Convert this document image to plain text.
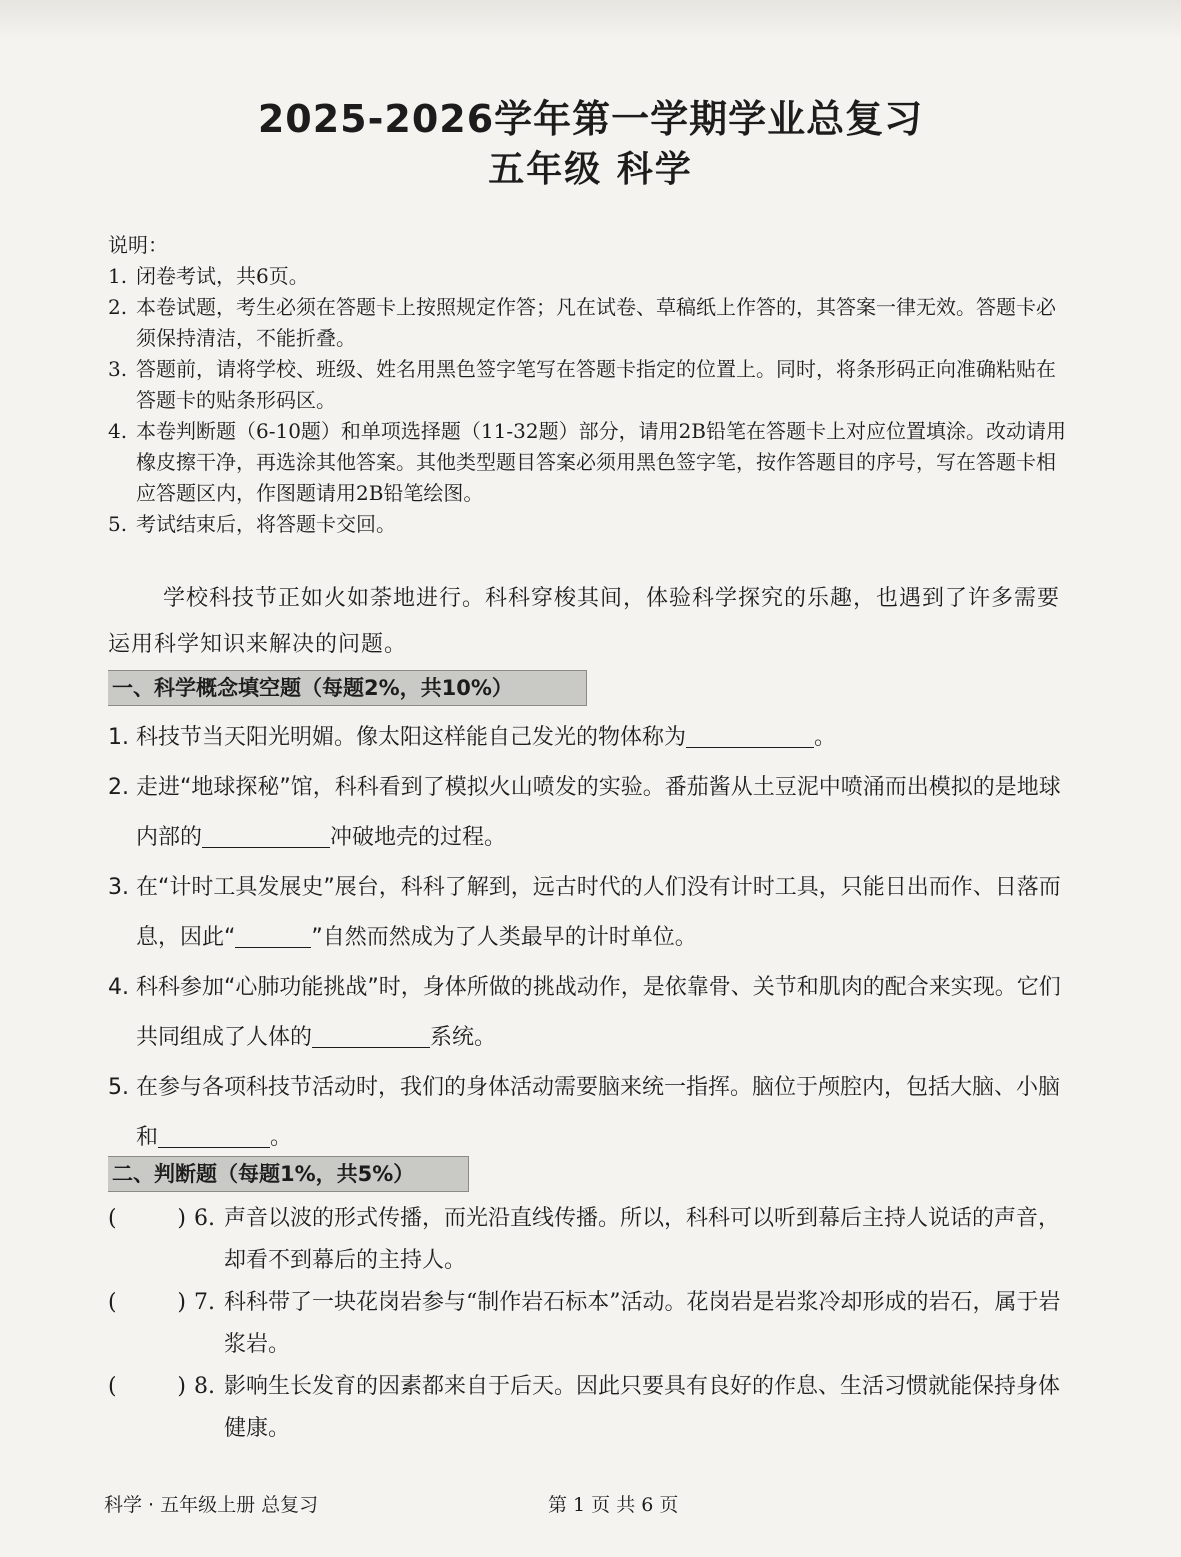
2025-2026学年第一学期学业总复习
五年级 科学
说明：
1. 闭卷考试，共6页。
2. 本卷试题，考生必须在答题卡上按照规定作答；凡在试卷、草稿纸上作答的，其答案一律无效。答题卡必须保持清洁，不能折叠。
3. 答题前，请将学校、班级、姓名用黑色签字笔写在答题卡指定的位置上。同时，将条形码正向准确粘贴在答题卡的贴条形码区。
4. 本卷判断题（6-10题）和单项选择题（11-32题）部分，请用2B铅笔在答题卡上对应位置填涂。改动请用橡皮擦干净，再选涂其他答案。其他类型题目答案必须用黑色签字笔，按作答题目的序号，写在答题卡相应答题区内，作图题请用2B铅笔绘图。
5. 考试结束后，将答题卡交回。
学校科技节正如火如荼地进行。科科穿梭其间，体验科学探究的乐趣，也遇到了许多需要运用科学知识来解决的问题。
一、科学概念填空题（每题2%，共10%）
1. 科技节当天阳光明媚。像太阳这样能自己发光的物体称为	。
2. 走进“地球探秘”馆，科科看到了模拟火山喷发的实验。番茄酱从土豆泥中喷涌而出模拟的是地球内部的	冲破地壳的过程。
3. 在“计时工具发展史”展台，科科了解到，远古时代的人们没有计时工具，只能日出而作、日落而息，因此“	”自然而然成为了人类最早的计时单位。
4. 科科参加“心肺功能挑战”时，身体所做的挑战动作，是依靠骨、关节和肌肉的配合来实现。它们共同组成了人体的	系统。
5. 在参与各项科技节活动时，我们的身体活动需要脑来统一指挥。脑位于颅腔内，包括大脑、小脑和	。
二、判断题（每题1%，共5%）
(	) 6. 声音以波的形式传播，而光沿直线传播。所以，科科可以听到幕后主持人说话的声音，却看不到幕后的主持人。
(	) 7. 科科带了一块花岗岩参与“制作岩石标本”活动。花岗岩是岩浆冷却形成的岩石，属于岩浆岩。
(	) 8. 影响生长发育的因素都来自于后天。因此只要具有良好的作息、生活习惯就能保持身体健康。
科学 · 五年级上册 总复习	第 1 页 共 6 页
